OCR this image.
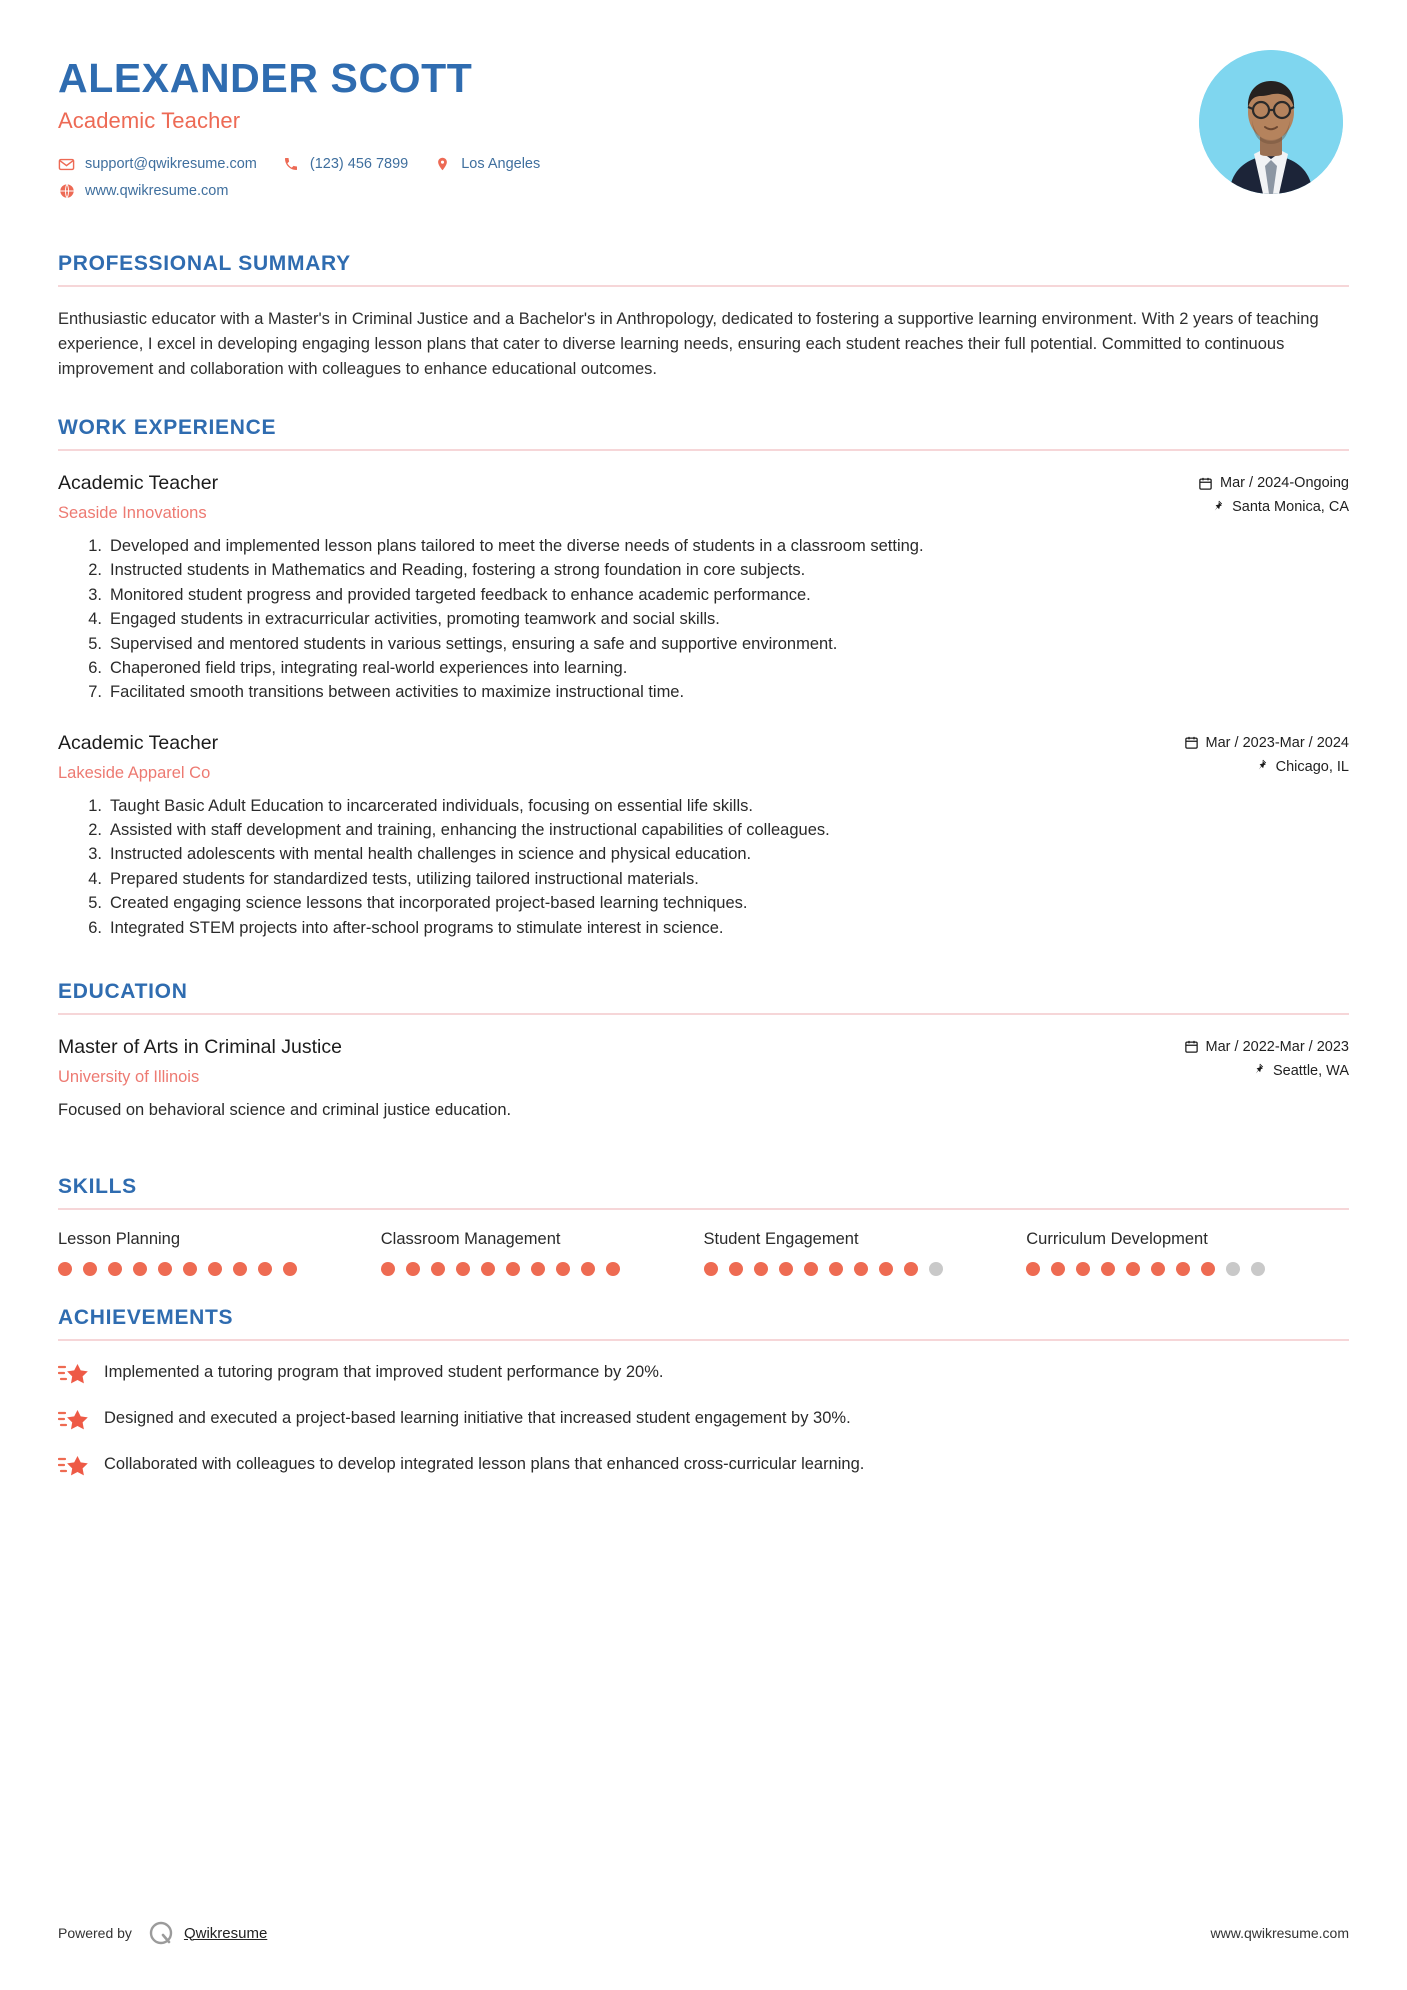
ALEXANDER SCOTT
Academic Teacher
support@qwikresume.com	(123) 456 7899	Los Angeles
www.qwikresume.com
PROFESSIONAL SUMMARY
Enthusiastic educator with a Master's in Criminal Justice and a Bachelor's in Anthropology, dedicated to fostering a supportive learning environment. With 2 years of teaching experience, I excel in developing engaging lesson plans that cater to diverse learning needs, ensuring each student reaches their full potential. Committed to continuous improvement and collaboration with colleagues to enhance educational outcomes.
WORK EXPERIENCE
Academic Teacher
Seaside Innovations
Mar / 2024-Ongoing
Santa Monica, CA
1. Developed and implemented lesson plans tailored to meet the diverse needs of students in a classroom setting.
2. Instructed students in Mathematics and Reading, fostering a strong foundation in core subjects.
3. Monitored student progress and provided targeted feedback to enhance academic performance.
4. Engaged students in extracurricular activities, promoting teamwork and social skills.
5. Supervised and mentored students in various settings, ensuring a safe and supportive environment.
6. Chaperoned field trips, integrating real-world experiences into learning.
7. Facilitated smooth transitions between activities to maximize instructional time.
Academic Teacher
Lakeside Apparel Co
Mar / 2023-Mar / 2024
Chicago, IL
1. Taught Basic Adult Education to incarcerated individuals, focusing on essential life skills.
2. Assisted with staff development and training, enhancing the instructional capabilities of colleagues.
3. Instructed adolescents with mental health challenges in science and physical education.
4. Prepared students for standardized tests, utilizing tailored instructional materials.
5. Created engaging science lessons that incorporated project-based learning techniques.
6. Integrated STEM projects into after-school programs to stimulate interest in science.
EDUCATION
Master of Arts in Criminal Justice
University of Illinois
Mar / 2022-Mar / 2023
Seattle, WA
Focused on behavioral science and criminal justice education.
SKILLS
Lesson Planning	Classroom Management	Student Engagement	Curriculum Development
ACHIEVEMENTS
Implemented a tutoring program that improved student performance by 20%.
Designed and executed a project-based learning initiative that increased student engagement by 30%.
Collaborated with colleagues to develop integrated lesson plans that enhanced cross-curricular learning.
Powered by	Qwikresume	www.qwikresume.com
